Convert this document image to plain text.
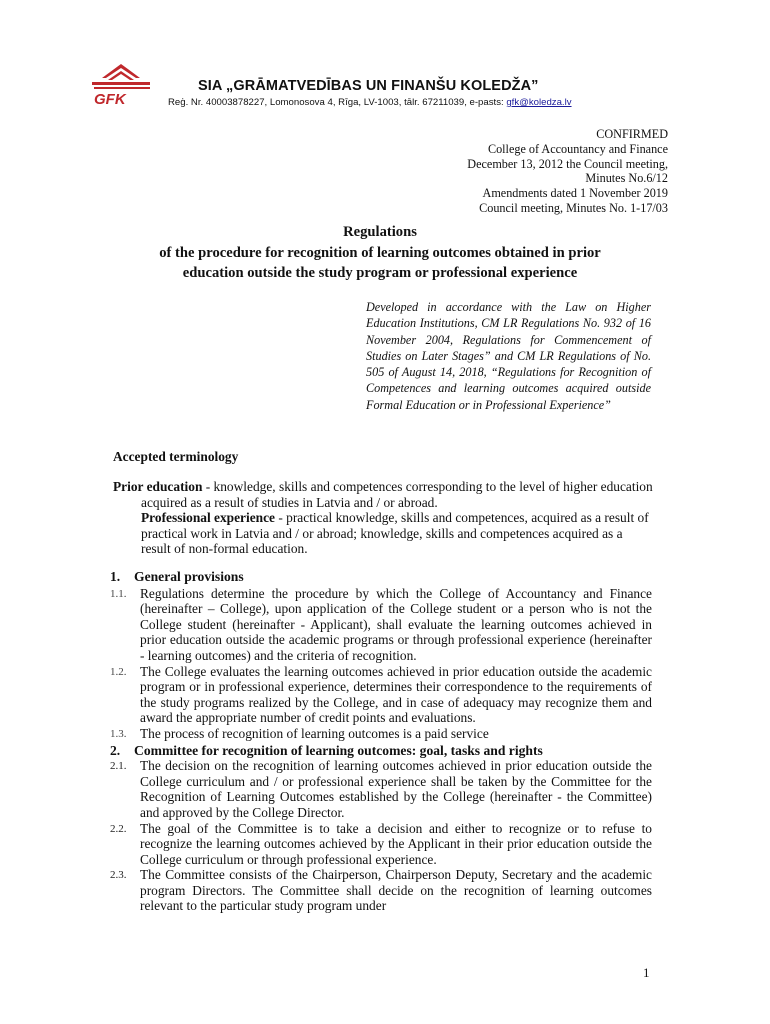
GFK
SIA „GRĀMATVEDĪBAS UN FINANŠU KOLEDŽA”
Reģ. Nr. 40003878227, Lomonosova 4, Rīga, LV-1003, tālr. 67211039, e-pasts: gfk@koledza.lv
CONFIRMED
College of Accountancy and Finance
December 13, 2012 the Council meeting,
Minutes No.6/12
Amendments dated 1 November 2019
Council meeting, Minutes No. 1-17/03
Regulations
of the procedure for recognition of learning outcomes obtained in prior
education outside the study program or professional experience
Developed in accordance with the Law on Higher Education Institutions, CM LR Regulations No. 932 of 16 November 2004, Regulations for Commencement of Studies on Later Stages” and CM LR Regulations of No. 505 of August 14, 2018, “Regulations for Recognition of Competences and learning outcomes acquired outside Formal Education or in Professional Experience”
Accepted terminology
Prior education - knowledge, skills and competences corresponding to the level of higher education acquired as a result of studies in Latvia and / or abroad.
Professional experience - practical knowledge, skills and competences, acquired as a result of practical work in Latvia and / or abroad; knowledge, skills and competences acquired as a result of non-formal education.
1.	General provisions
1.1.	Regulations determine the procedure by which the College of Accountancy and Finance (hereinafter – College), upon application of the College student or a person who is not the College student (hereinafter - Applicant), shall evaluate the learning outcomes achieved in prior education outside the academic programs or through professional experience (hereinafter - learning outcomes) and the criteria of recognition.
1.2.	The College evaluates the learning outcomes achieved in prior education outside the academic program or in professional experience, determines their correspondence to the requirements of the study programs realized by the College, and in case of adequacy may recognize them and award the appropriate number of credit points and evaluations.
1.3.	The process of recognition of learning outcomes is a paid service
2.	Committee for recognition of learning outcomes: goal, tasks and rights
2.1.	The decision on the recognition of learning outcomes achieved in prior education outside the College curriculum and / or professional experience shall be taken by the Committee for the Recognition of Learning Outcomes established by the College (hereinafter - the Committee) and approved by the College Director.
2.2.	The goal of the Committee is to take a decision and either to recognize or to refuse to recognize the learning outcomes achieved by the Applicant in their prior education outside the College curriculum or through professional experience.
2.3.	The Committee consists of the Chairperson, Chairperson Deputy, Secretary and the academic program Directors. The Committee shall decide on the recognition of learning outcomes relevant to the particular study program under
1
